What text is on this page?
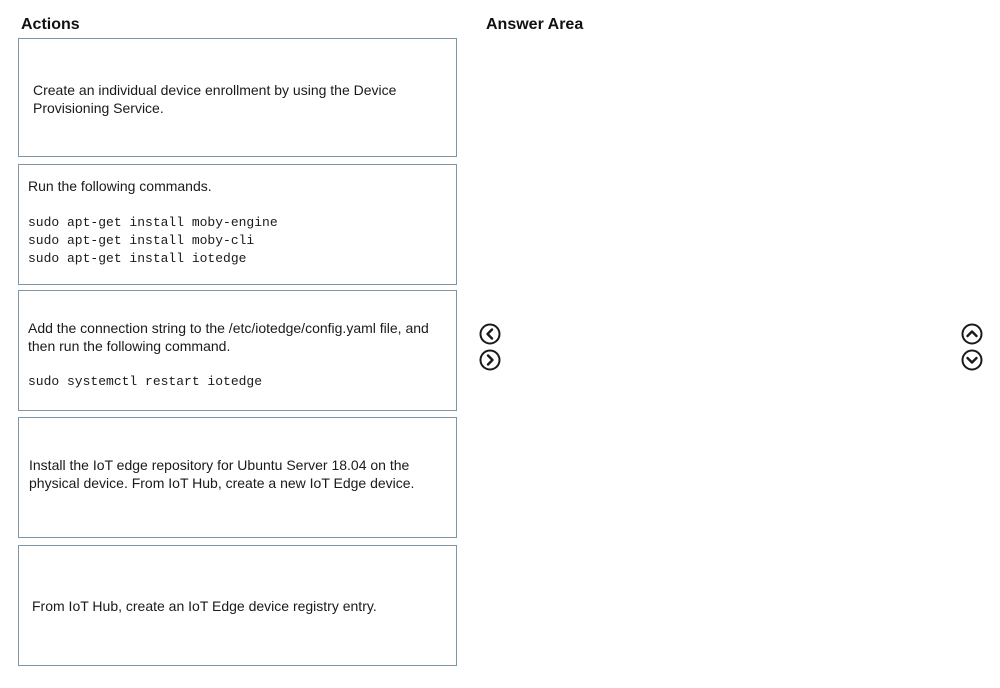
Actions	Answer Area
Create an individual device enrollment by using the Device
Provisioning Service.
Run the following commands.
sudo apt-get install moby-engine
sudo apt-get install moby-cli
sudo apt-get install iotedge
Add the connection string to the /etc/iotedge/config.yaml file, and
then run the following command.
sudo systemctl restart iotedge
Install the IoT edge repository for Ubuntu Server 18.04 on the
physical device. From IoT Hub, create a new IoT Edge device.
From IoT Hub, create an IoT Edge device registry entry.
